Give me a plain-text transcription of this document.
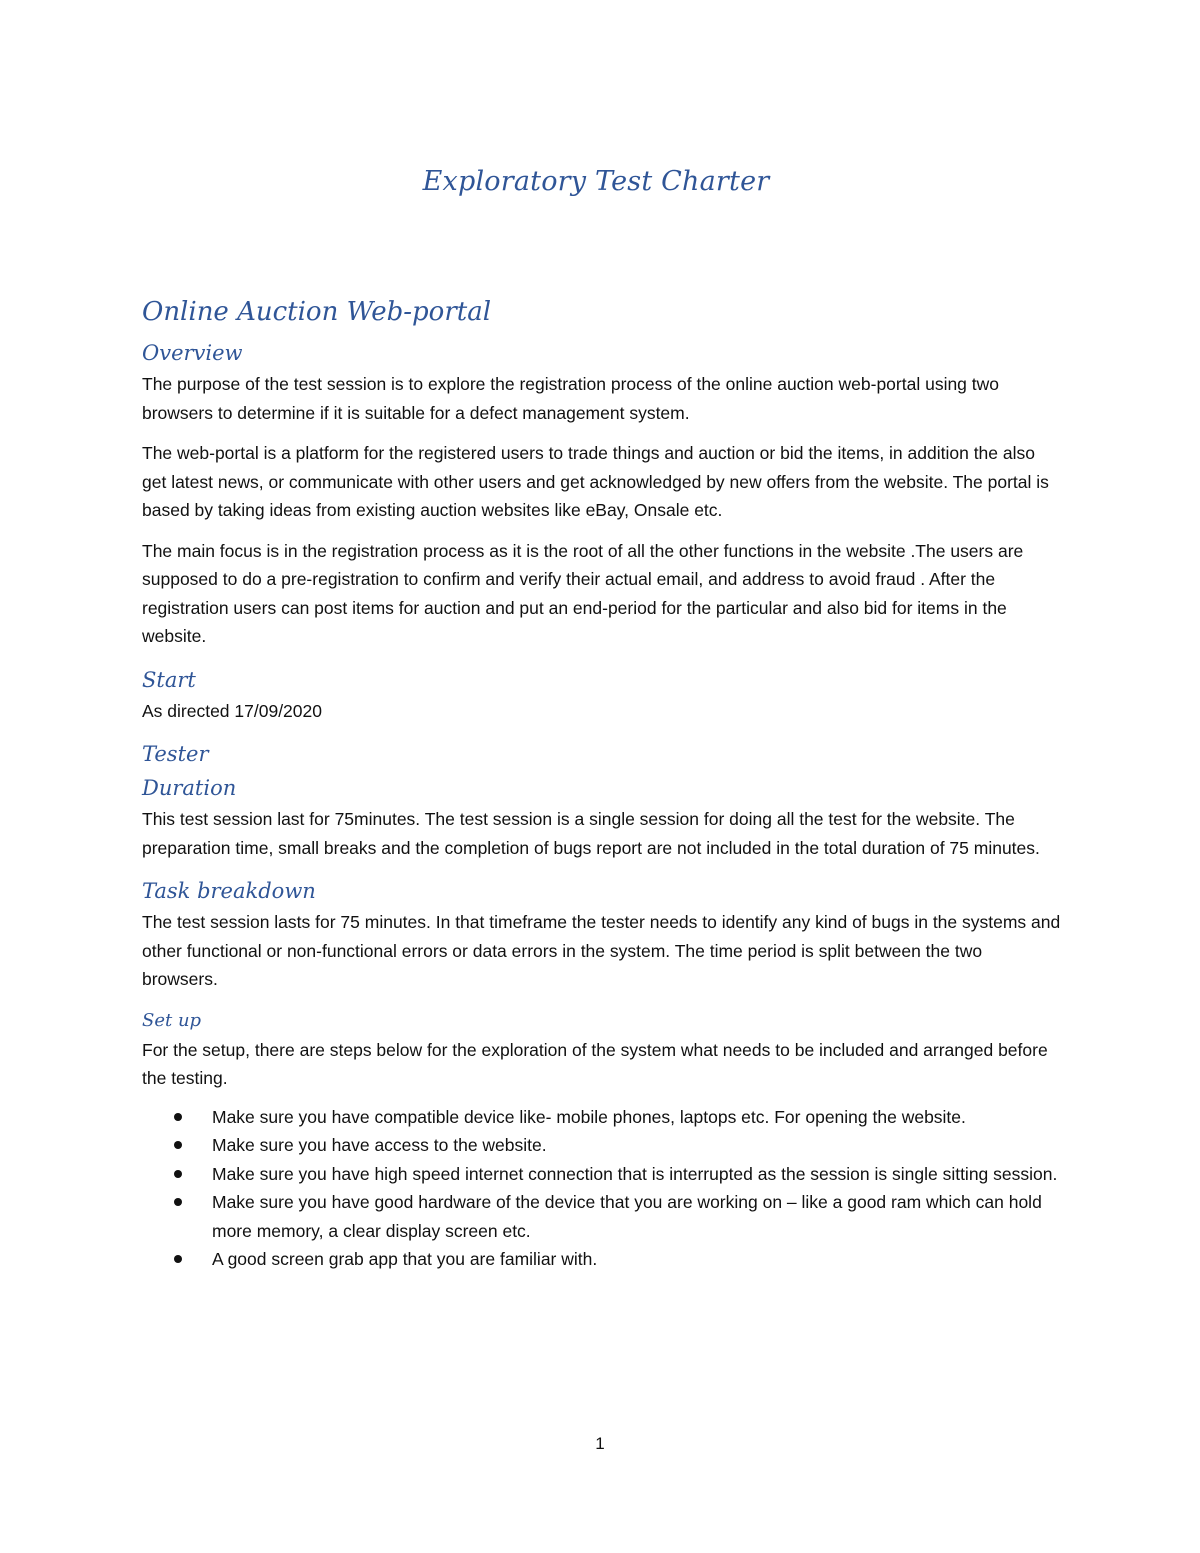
Exploratory Test Charter
Online Auction Web-portal
Overview

The purpose of the test session is to explore the registration process of the online auction web-portal using two browsers to determine if it is suitable for a defect management system.

The web-portal is a platform for the registered users to trade things and auction or bid the items, in addition the also get latest news, or communicate with other users and get acknowledged by new offers from the website. The portal is based by taking ideas from existing auction websites like eBay, Onsale etc.

The main focus is in the registration process as it is the root of all the other functions in the website .The users are supposed to do a pre-registration to confirm and verify their actual email, and address to avoid fraud . After the registration users can post items for auction and put an end-period for the particular and also bid for items in the website.

Start

As directed 17/09/2020

Tester
Duration

This test session last for 75minutes. The test session is a single session for doing all the test for the website. The preparation time, small breaks and the completion of bugs report are not included in the total duration of 75 minutes.

Task breakdown

The test session lasts for 75 minutes. In that timeframe the tester needs to identify any kind of bugs in the systems and other functional or non-functional errors or data errors in the system. The time period is split between the two browsers.

Set up

For the setup, there are steps below for the exploration of the system what needs to be included and arranged before the testing.

Make sure you have compatible device like- mobile phones, laptops etc. For opening the website.
Make sure you have access to the website.
Make sure you have high speed internet connection that is interrupted as the session is single sitting session.
Make sure you have good hardware of the device that you are working on – like a good ram which can hold more memory, a clear display screen etc.
A good screen grab app that you are familiar with.
1
